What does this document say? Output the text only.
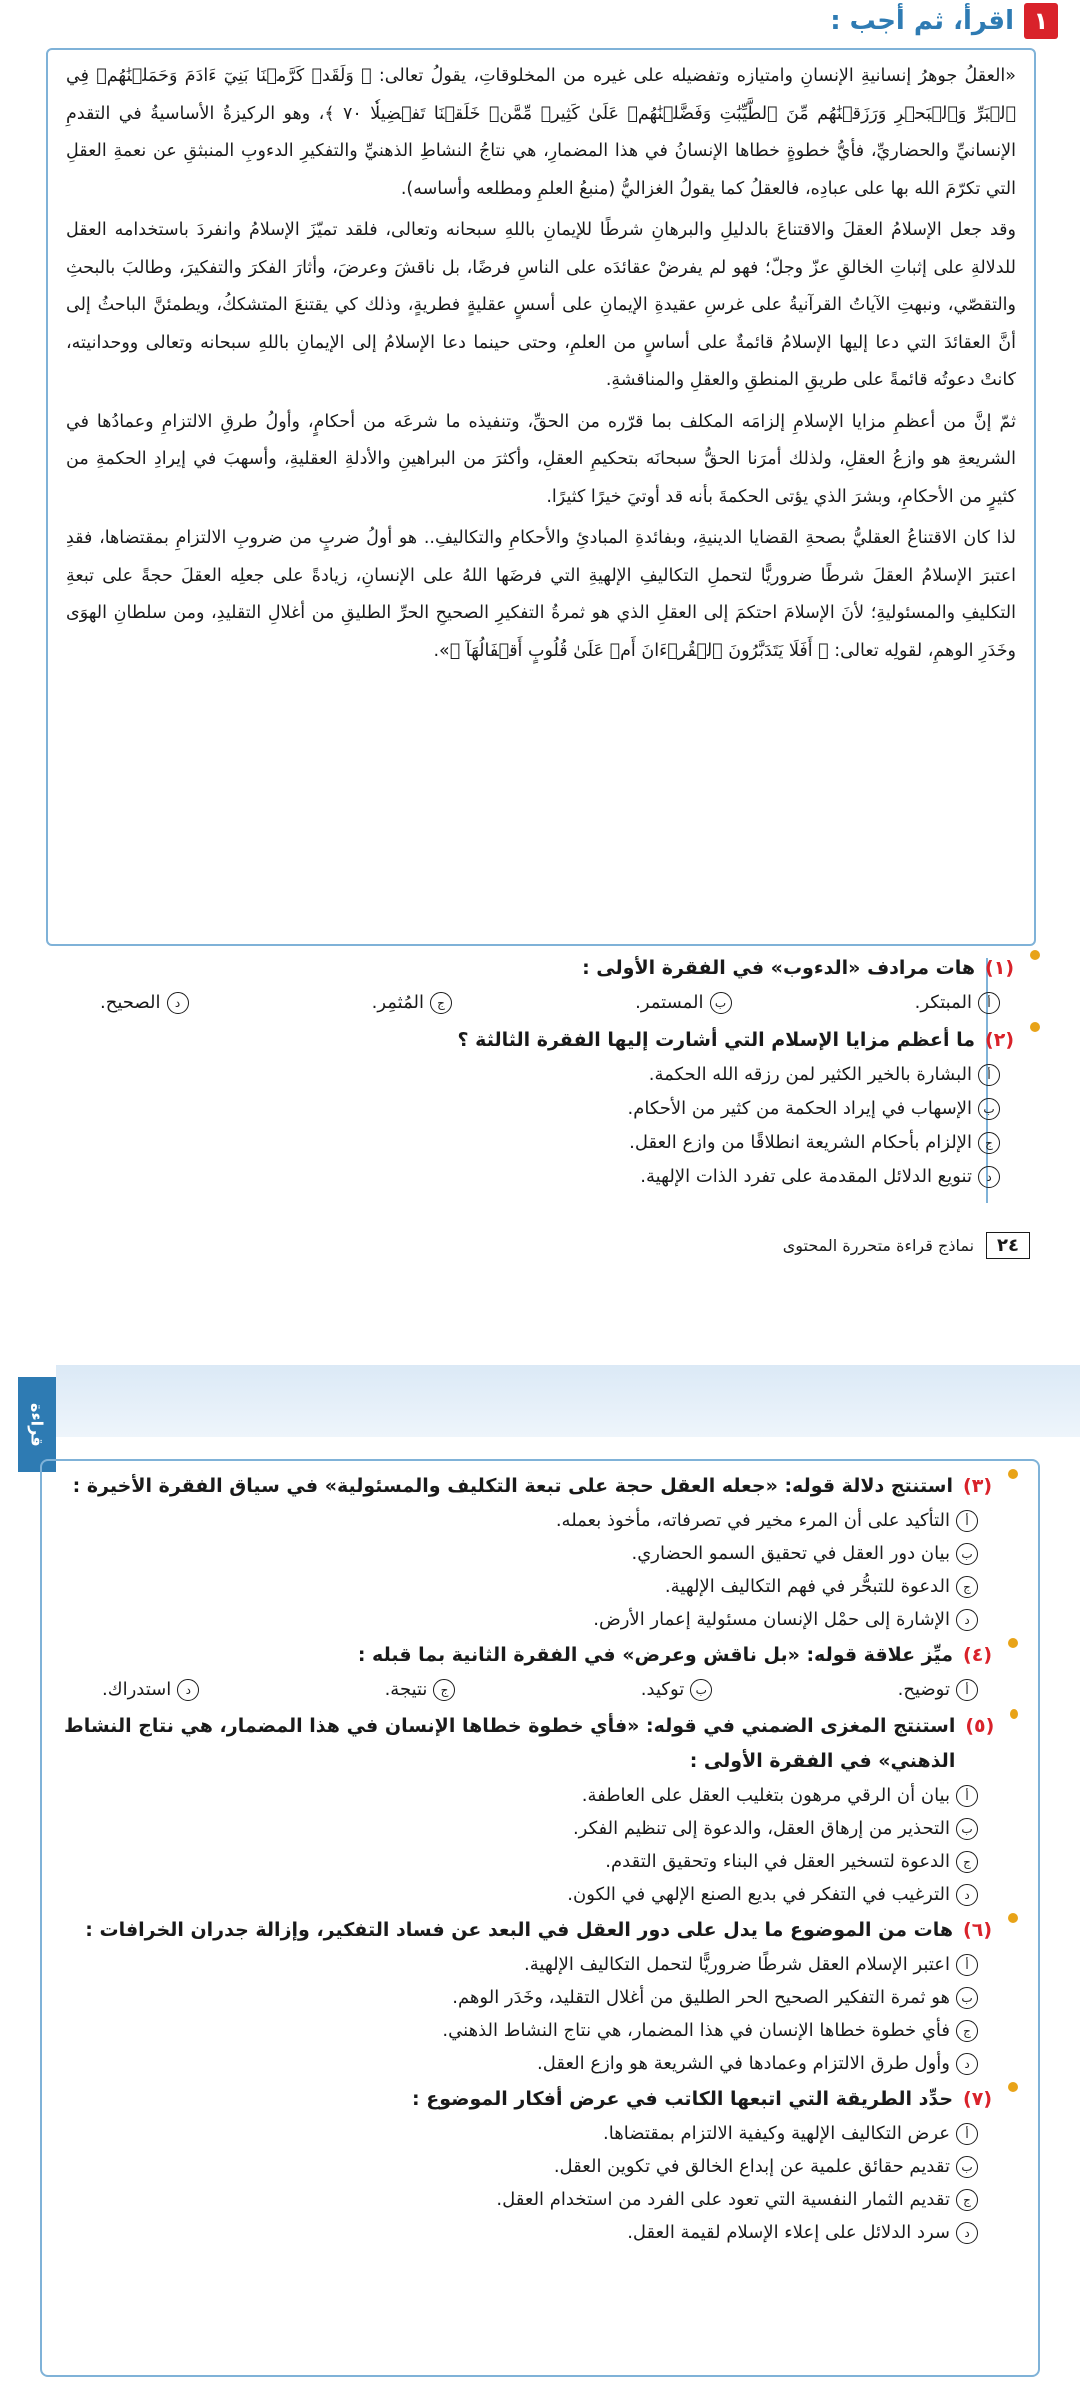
١
اقرأ، ثم أجب :

«العقلُ جوهرُ إنسانيةِ الإنسانِ وامتيازه وتفضيله على غيره من المخلوقاتِ، يقولُ تعالى: ﴿ وَلَقَدۡ كَرَّمۡنَا بَنِيٓ ءَادَمَ وَحَمَلۡنَٰهُمۡ فِي ٱلۡبَرِّ وَٱلۡبَحۡرِ وَرَزَقۡنَٰهُم مِّنَ ٱلطَّيِّبَٰتِ وَفَضَّلۡنَٰهُمۡ عَلَىٰ كَثِيرٖ مِّمَّنۡ خَلَقۡنَا تَفۡضِيلٗا ٧٠ ﴾، وهو الركيزةُ الأساسيةُ في التقدمِ الإنسانيِّ والحضاريِّ، فأيُّ خطوةٍ خطاها الإنسانُ في هذا المضمارِ، هي نتاجُ النشاطِ الذهنيِّ والتفكيرِ الدءوبِ المنبثقِ عن نعمةِ العقلِ التي تكرّمَ الله بها على عبادِه، فالعقلُ كما يقولُ الغزاليُّ (منبعُ العلمِ ومطلعه وأساسه).

وقد جعل الإسلامُ العقلَ والاقتناعَ بالدليلِ والبرهانِ شرطًا للإيمانِ باللهِ سبحانه وتعالى، فلقد تميّزَ الإسلامُ وانفردَ باستخدامه العقل للدلالةِ على إثباتِ الخالقِ عزّ وجلّ؛ فهو لم يفرضْ عقائدَه على الناسِ فرضًا، بل ناقشَ وعرضَ، وأثارَ الفكرَ والتفكيرَ، وطالبَ بالبحثِ والتقصّي، ونبهتِ الآياتُ القرآنيةُ على غرسِ عقيدةِ الإيمانِ على أسسٍ عقليةٍ فطريةٍ، وذلك كي يقتنعَ المتشككُ، ويطمئنَّ الباحثُ إلى أنَّ العقائدَ التي دعا إليها الإسلامُ قائمةٌ على أساسٍ من العلمِ، وحتى حينما دعا الإسلامُ إلى الإيمانِ باللهِ سبحانه وتعالى ووحدانيته، كانتْ دعوتُه قائمةً على طريقِ المنطقِ والعقلِ والمناقشةِ.

ثمّ إنَّ من أعظمِ مزايا الإسلامِ إلزامَه المكلف بما قرّره من الحقِّ، وتنفيذه ما شرعَه من أحكامٍ، وأولُ طرقِ الالتزامِ وعمادُها في الشريعةِ هو وازعُ العقلِ، ولذلك أمرَنا الحقُّ سبحانَه بتحكيمِ العقلِ، وأكثرَ من البراهينِ والأدلةِ العقليةِ، وأسهبَ في إيرادِ الحكمةِ من كثيرٍ من الأحكامِ، وبشرَ الذي يؤتى الحكمةَ بأنه قد أوتيَ خيرًا كثيرًا.

لذا كان الاقتناعُ العقليُّ بصحةِ القضايا الدينيةِ، وبفائدةِ المبادئِ والأحكامِ والتكاليفِ.. هو أولُ ضربٍ من ضروبِ الالتزامِ بمقتضاها، فقدِ اعتبرَ الإسلامُ العقلَ شرطًا ضروريًّا لتحملِ التكاليفِ الإلهيةِ التي فرضَها اللهُ على الإنسانِ، زيادةً على جعلِه العقلَ حجةً على تبعةِ التكليفِ والمسئوليةِ؛ لأنَ الإسلامَ احتكمَ إلى العقلِ الذي هو ثمرةُ التفكيرِ الصحيحِ الحرِّ الطليقِ من أغلالِ التقليدِ، ومن سلطانِ الهوَى وخَدَرِ الوهمِ، لقولِه تعالى: ﴿ أَفَلَا يَتَدَبَّرُونَ ٱلۡقُرۡءَانَ أَمۡ عَلَىٰ قُلُوبٍ أَقۡفَالُهَآ ﴾».

(١)
هات مرادف «الدءوب» في الفقرة الأولى :
أالمبتكر.
بالمستمر.
جالمُثمِر.
دالصحيح.
(٢)
ما أعظم مزايا الإسلام التي أشارت إليها الفقرة الثالثة ؟
أالبشارة بالخير الكثير لمن رزقه الله الحكمة.
بالإسهاب في إيراد الحكمة من كثير من الأحكام.
جالإلزام بأحكام الشريعة انطلاقًا من وازع العقل.
دتنويع الدلائل المقدمة على تفرد الذات الإلهية.
٢٤
نماذج قراءة متحررة المحتوى
قراءة
(٣)
استنتج دلالة قوله: «جعله العقل حجة على تبعة التكليف والمسئولية» في سياق الفقرة الأخيرة :
أالتأكيد على أن المرء مخير في تصرفاته، مأخوذ بعمله.
ببيان دور العقل في تحقيق السمو الحضاري.
جالدعوة للتبحُّر في فهم التكاليف الإلهية.
دالإشارة إلى حمْل الإنسان مسئولية إعمار الأرض.
(٤)
ميِّز علاقة قوله: «بل ناقش وعرض» في الفقرة الثانية بما قبله :
أتوضيح.
بتوكيد.
جنتيجة.
داستدراك.
(٥)
استنتج المغزى الضمني في قوله: «فأي خطوة خطاها الإنسان في هذا المضمار، هي نتاج النشاط الذهني» في الفقرة الأولى :
أبيان أن الرقي مرهون بتغليب العقل على العاطفة.
بالتحذير من إرهاق العقل، والدعوة إلى تنظيم الفكر.
جالدعوة لتسخير العقل في البناء وتحقيق التقدم.
دالترغيب في التفكر في بديع الصنع الإلهي في الكون.
(٦)
هات من الموضوع ما يدل على دور العقل في البعد عن فساد التفكير، وإزالة جدران الخرافات :
أاعتبر الإسلام العقل شرطًا ضروريًّا لتحمل التكاليف الإلهية.
بهو ثمرة التفكير الصحيح الحر الطليق من أغلال التقليد، وخَدَر الوهم.
جفأي خطوة خطاها الإنسان في هذا المضمار، هي نتاج النشاط الذهني.
دوأول طرق الالتزام وعمادها في الشريعة هو وازع العقل.
(٧)
حدِّد الطريقة التي اتبعها الكاتب في عرض أفكار الموضوع :
أعرض التكاليف الإلهية وكيفية الالتزام بمقتضاها.
بتقديم حقائق علمية عن إبداع الخالق في تكوين العقل.
جتقديم الثمار النفسية التي تعود على الفرد من استخدام العقل.
دسرد الدلائل على إعلاء الإسلام لقيمة العقل.
